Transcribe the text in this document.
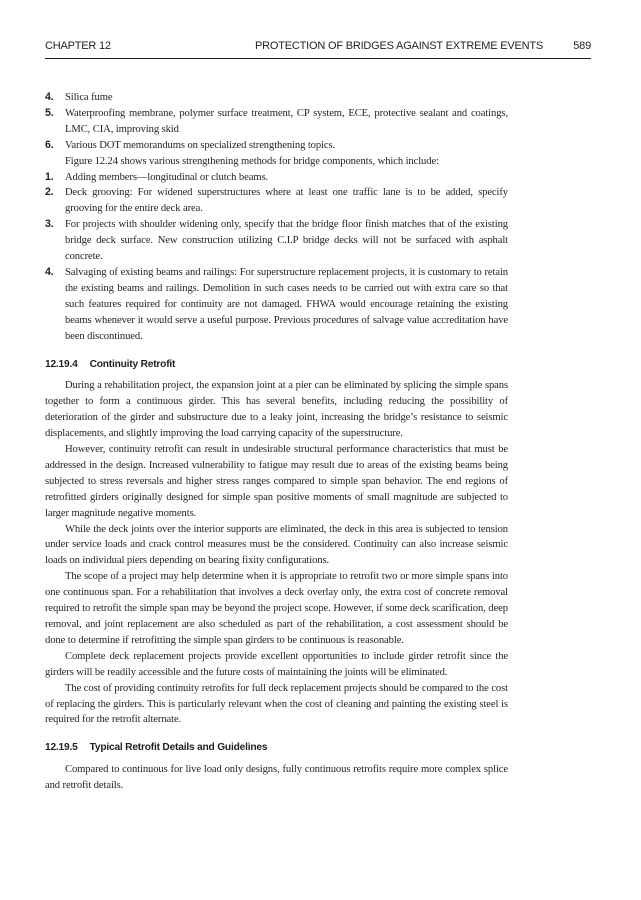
CHAPTER 12	PROTECTION OF BRIDGES AGAINST EXTREME EVENTS	589
4. Silica fume
5. Waterproofing membrane, polymer surface treatment, CP system, ECE, protective sealant and coatings, LMC, CIA, improving skid
6. Various DOT memorandums on specialized strengthening topics.

Figure 12.24 shows various strengthening methods for bridge components, which include:

1. Adding members—longitudinal or clutch beams.
2. Deck grooving: For widened superstructures where at least one traffic lane is to be added, specify grooving for the entire deck area.
3. For projects with shoulder widening only, specify that the bridge floor finish matches that of the existing bridge deck surface. New construction utilizing C.I.P bridge decks will not be surfaced with asphalt concrete.
4. Salvaging of existing beams and railings: For superstructure replacement projects, it is customary to retain the existing beams and railings. Demolition in such cases needs to be carried out with extra care so that such features required for continuity are not damaged. FHWA would encourage retaining the existing beams whenever it would serve a useful purpose. Previous procedures of salvage value accreditation have been discontinued.
12.19.4 Continuity Retrofit

During a rehabilitation project, the expansion joint at a pier can be eliminated by splicing the simple spans together to form a continuous girder. This has several benefits, including reducing the possibility of deterioration of the girder and substructure due to a leaky joint, increasing the bridge’s resistance to seismic displacements, and slightly improving the load carrying capacity of the superstructure.

However, continuity retrofit can result in undesirable structural performance characteristics that must be addressed in the design. Increased vulnerability to fatigue may result due to areas of the existing beams being subjected to stress reversals and higher stress ranges compared to simple span behavior. The end regions of retrofitted girders originally designed for simple span positive moments of small magnitude are subjected to larger magnitude negative moments.

While the deck joints over the interior supports are eliminated, the deck in this area is subjected to tension under service loads and crack control measures must be the considered. Continuity can also increase seismic loads on individual piers depending on bearing fixity configurations.

The scope of a project may help determine when it is appropriate to retrofit two or more simple spans into one continuous span. For a rehabilitation that involves a deck overlay only, the extra cost of concrete removal required to retrofit the simple span may be beyond the project scope. However, if some deck scarification, deep removal, and joint replacement are also scheduled as part of the rehabilitation, a cost assessment should be done to determine if retrofitting the simple span girders to be continuous is reasonable.

Complete deck replacement projects provide excellent opportunities to include girder retrofit since the girders will be readily accessible and the future costs of maintaining the joints will be eliminated.

The cost of providing continuity retrofits for full deck replacement projects should be compared to the cost of replacing the girders. This is particularly relevant when the cost of cleaning and painting the existing steel is required for the retrofit alternate.

12.19.5 Typical Retrofit Details and Guidelines

Compared to continuous for live load only designs, fully continuous retrofits require more complex splice and retrofit details.
